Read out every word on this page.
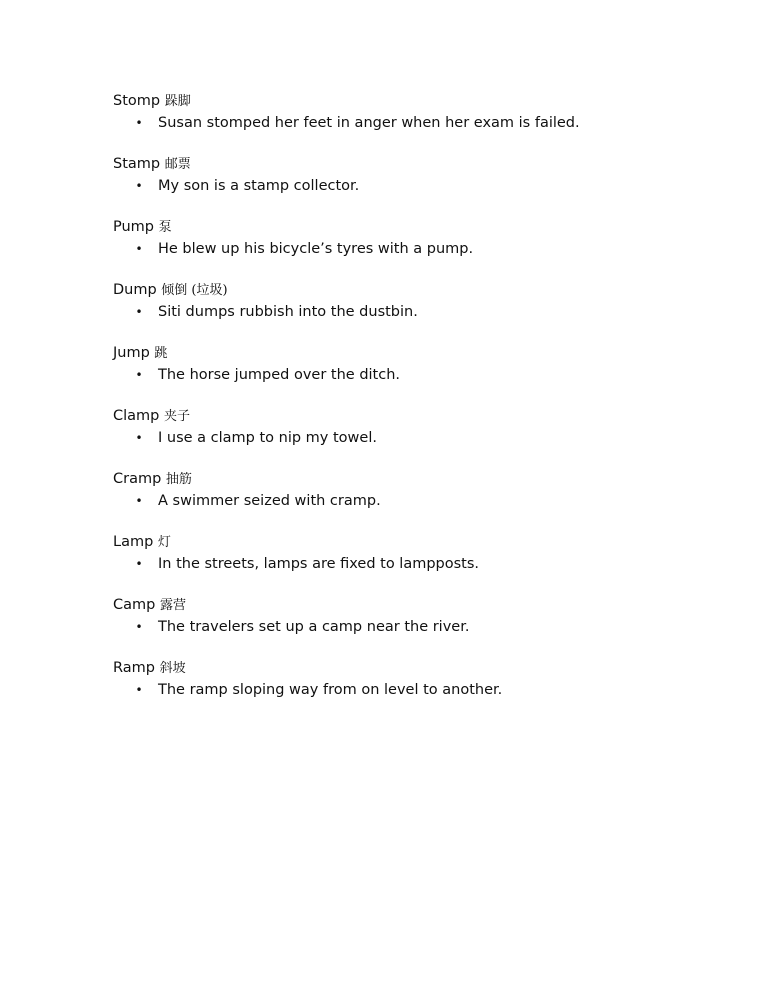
Stomp 跺脚
• Susan stomped her feet in anger when her exam is failed.
Stamp 邮票
• My son is a stamp collector.
Pump 泵
• He blew up his bicycle’s tyres with a pump.
Dump 倾倒 (垃圾)
• Siti dumps rubbish into the dustbin.
Jump 跳
• The horse jumped over the ditch.
Clamp 夹子
• I use a clamp to nip my towel.
Cramp 抽筋
• A swimmer seized with cramp.
Lamp 灯
• In the streets, lamps are fixed to lampposts.
Camp 露营
• The travelers set up a camp near the river.
Ramp 斜坡
• The ramp sloping way from on level to another.
